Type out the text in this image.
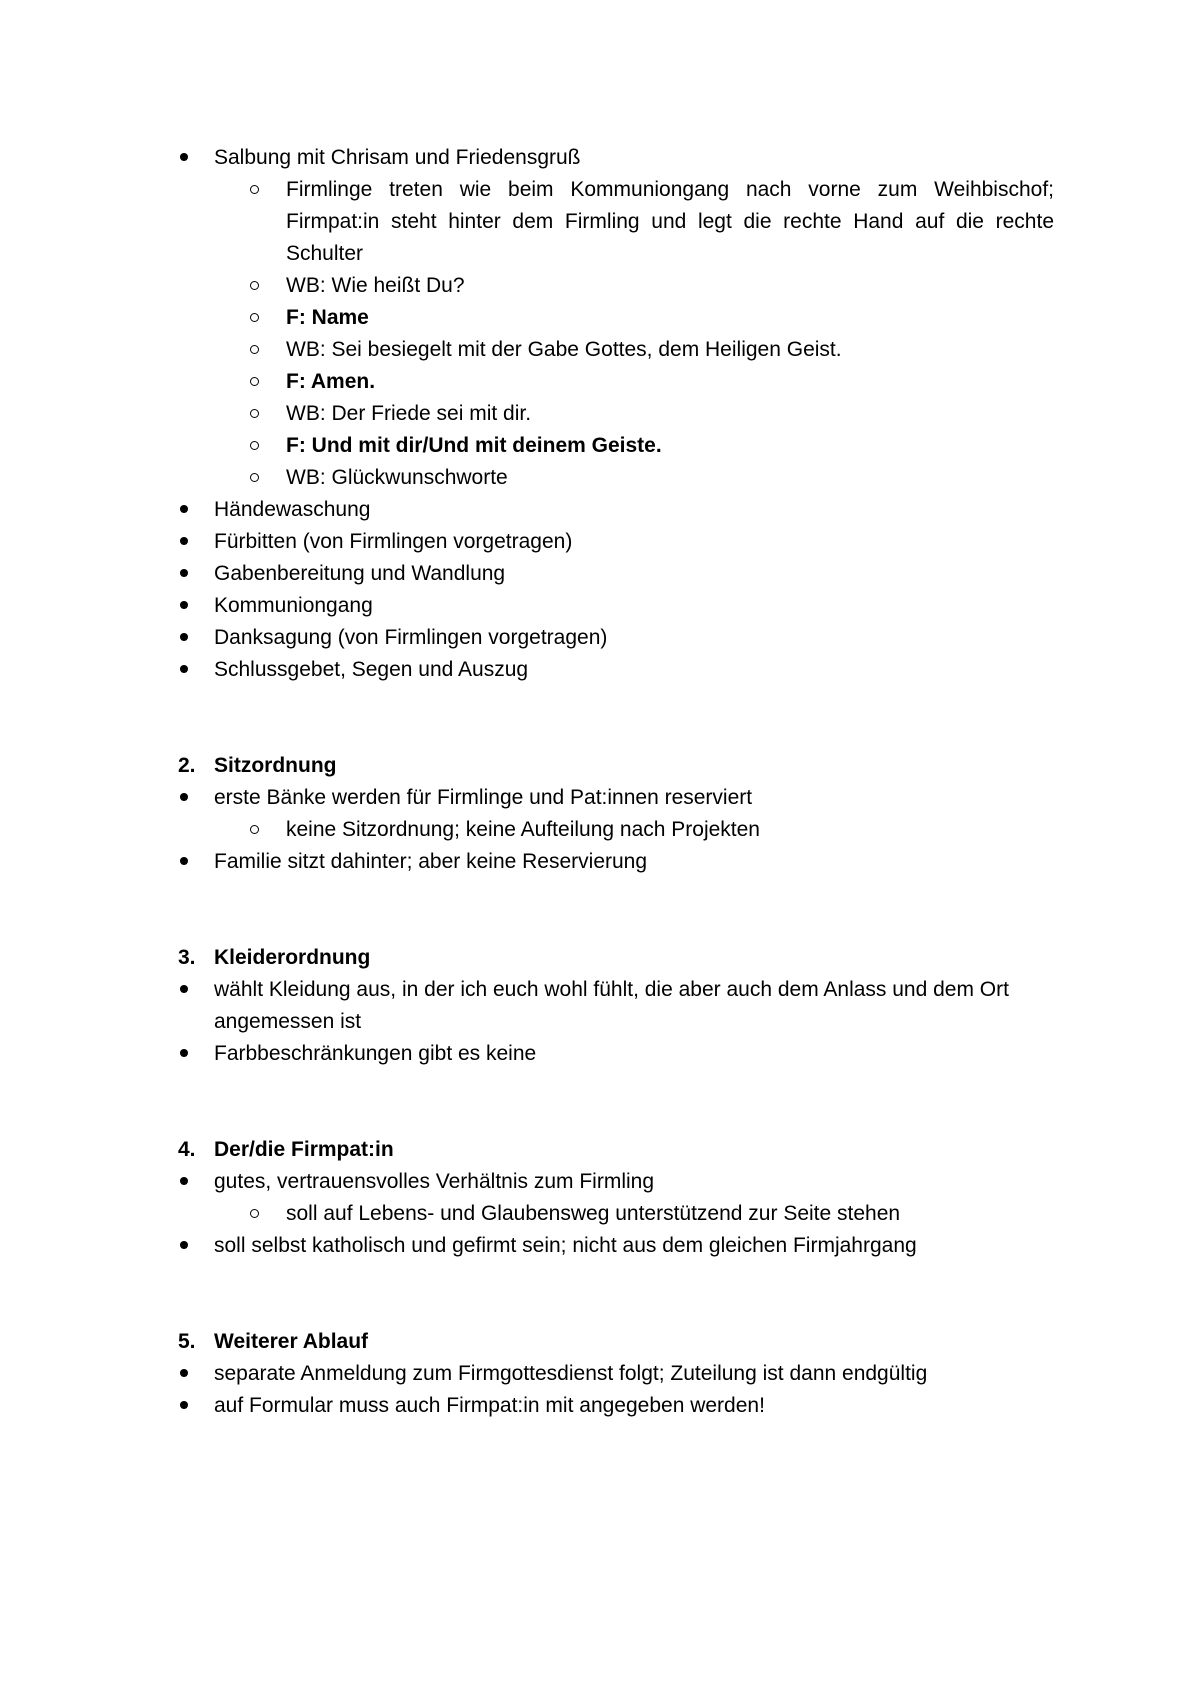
Salbung mit Chrisam und Friedensgruß
Firmlinge treten wie beim Kommuniongang nach vorne zum Weihbischof; Firmpat:in steht hinter dem Firmling und legt die rechte Hand auf die rechte Schulter
WB: Wie heißt Du?
F: Name
WB: Sei besiegelt mit der Gabe Gottes, dem Heiligen Geist.
F: Amen.
WB: Der Friede sei mit dir.
F: Und mit dir/Und mit deinem Geiste.
WB: Glückwunschworte
Händewaschung
Fürbitten (von Firmlingen vorgetragen)
Gabenbereitung und Wandlung
Kommuniongang
Danksagung (von Firmlingen vorgetragen)
Schlussgebet, Segen und Auszug
2. Sitzordnung
erste Bänke werden für Firmlinge und Pat:innen reserviert
keine Sitzordnung; keine Aufteilung nach Projekten
Familie sitzt dahinter; aber keine Reservierung
3. Kleiderordnung
wählt Kleidung aus, in der ich euch wohl fühlt, die aber auch dem Anlass und dem Ort angemessen ist
Farbbeschränkungen gibt es keine
4. Der/die Firmpat:in
gutes, vertrauensvolles Verhältnis zum Firmling
soll auf Lebens- und Glaubensweg unterstützend zur Seite stehen
soll selbst katholisch und gefirmt sein; nicht aus dem gleichen Firmjahrgang
5. Weiterer Ablauf
separate Anmeldung zum Firmgottesdienst folgt; Zuteilung ist dann endgültig
auf Formular muss auch Firmpat:in mit angegeben werden!
